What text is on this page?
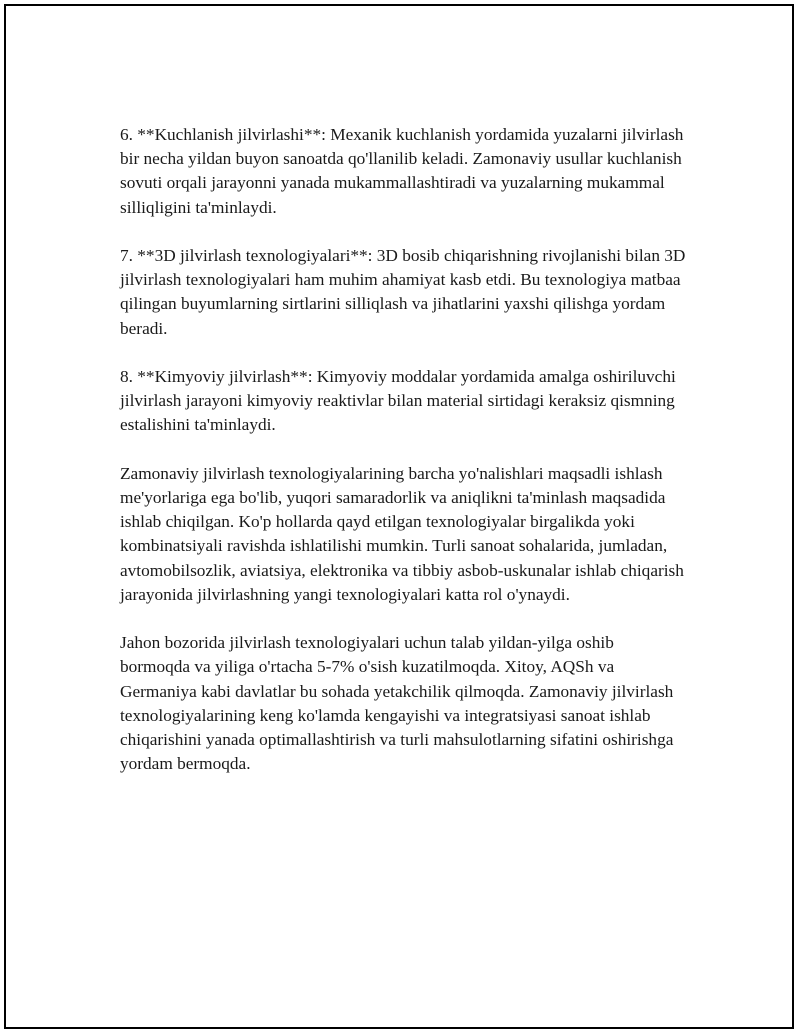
6. **Kuchlanish jilvirlashi**: Mexanik kuchlanish yordamida yuzalarni jilvirlash bir necha yildan buyon sanoatda qo'llanilib keladi. Zamonaviy usullar kuchlanish sovuti orqali jarayonni yanada mukammallashtiradi va yuzalarning mukammal silliqligini ta'minlaydi.

7. **3D jilvirlash texnologiyalari**: 3D bosib chiqarishning rivojlanishi bilan 3D jilvirlash texnologiyalari ham muhim ahamiyat kasb etdi. Bu texnologiya matbaa qilingan buyumlarning sirtlarini silliqlash va jihatlarini yaxshi qilishga yordam beradi.

8. **Kimyoviy jilvirlash**: Kimyoviy moddalar yordamida amalga oshiriluvchi jilvirlash jarayoni kimyoviy reaktivlar bilan material sirtidagi keraksiz qismning estalishini ta'minlaydi.

Zamonaviy jilvirlash texnologiyalarining barcha yo'nalishlari maqsadli ishlash me'yorlariga ega bo'lib, yuqori samaradorlik va aniqlikni ta'minlash maqsadida ishlab chiqilgan. Ko'p hollarda qayd etilgan texnologiyalar birgalikda yoki kombinatsiyali ravishda ishlatilishi mumkin. Turli sanoat sohalarida, jumladan, avtomobilsozlik, aviatsiya, elektronika va tibbiy asbob-uskunalar ishlab chiqarish jarayonida jilvirlashning yangi texnologiyalari katta rol o'ynaydi.

Jahon bozorida jilvirlash texnologiyalari uchun talab yildan-yilga oshib bormoqda va yiliga o'rtacha 5-7% o'sish kuzatilmoqda. Xitoy, AQSh va Germaniya kabi davlatlar bu sohada yetakchilik qilmoqda. Zamonaviy jilvirlash texnologiyalarining keng ko'lamda kengayishi va integratsiyasi sanoat ishlab chiqarishini yanada optimallashtirish va turli mahsulotlarning sifatini oshirishga yordam bermoqda.
